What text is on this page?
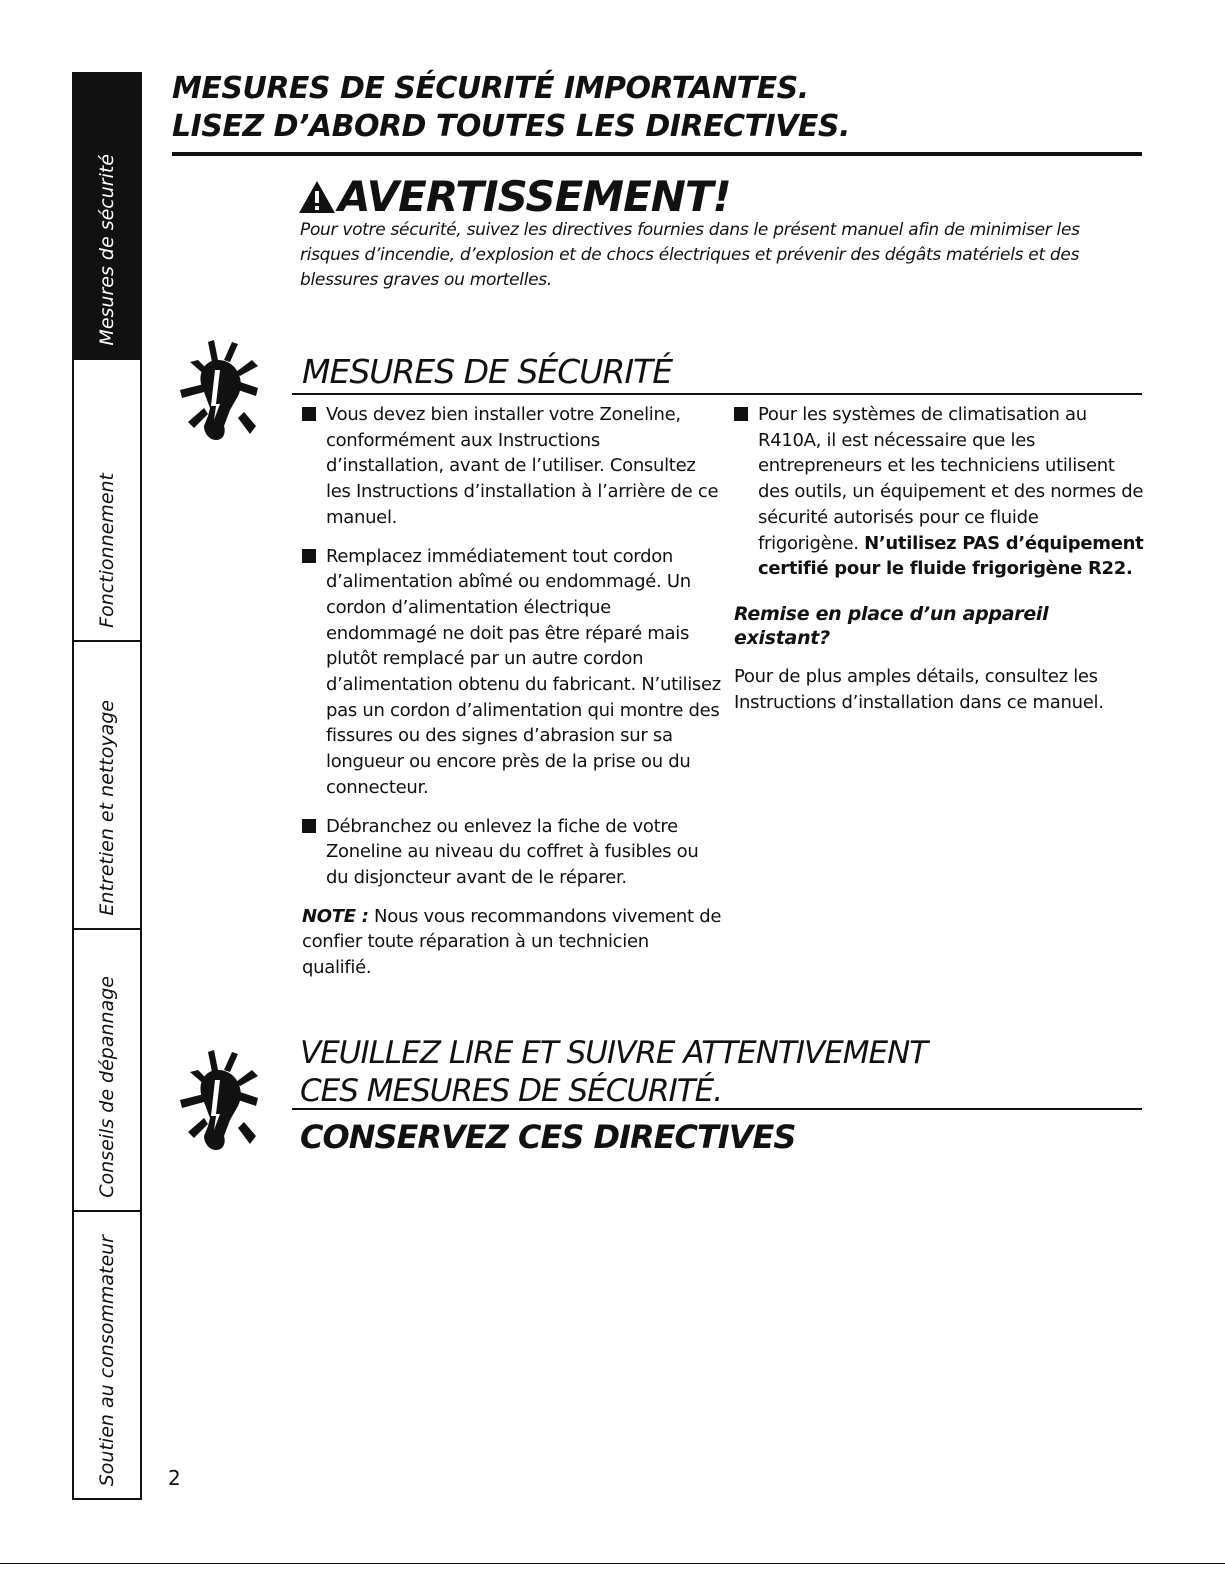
Mesures de sécurité
Fonctionnement
Entretien et nettoyage
Conseils de dépannage
Soutien au consommateur
MESURES DE SÉCURITÉ IMPORTANTES.
LISEZ D’ABORD TOUTES LES DIRECTIVES.
AVERTISSEMENT!
Pour votre sécurité, suivez les directives fournies dans le présent manuel afin de minimiser les risques d’incendie, d’explosion et de chocs électriques et prévenir des dégâts matériels et des blessures graves ou mortelles.
MESURES DE SÉCURITÉ
Vous devez bien installer votre Zoneline, conformément aux Instructions d’installation, avant de l’utiliser. Consultez les Instructions d’installation à l’arrière de ce manuel.
Remplacez immédiatement tout cordon d’alimentation abîmé ou endommagé. Un cordon d’alimentation électrique endommagé ne doit pas être réparé mais plutôt remplacé par un autre cordon d’alimentation obtenu du fabricant. N’utilisez pas un cordon d’alimentation qui montre des fissures ou des signes d’abrasion sur sa longueur ou encore près de la prise ou du connecteur.
Débranchez ou enlevez la fiche de votre Zoneline au niveau du coffret à fusibles ou du disjoncteur avant de le réparer.
NOTE : Nous vous recommandons vivement de confier toute réparation à un technicien qualifié.
Pour les systèmes de climatisation au R410A, il est nécessaire que les entrepreneurs et les techniciens utilisent des outils, un équipement et des normes de sécurité autorisés pour ce fluide frigorigène. N’utilisez PAS d’équipement certifié pour le fluide frigorigène R22.
Remise en place d’un appareil existant?
Pour de plus amples détails, consultez les Instructions d’installation dans ce manuel.
VEUILLEZ LIRE ET SUIVRE ATTENTIVEMENT
CES MESURES DE SÉCURITÉ.
CONSERVEZ CES DIRECTIVES
2
